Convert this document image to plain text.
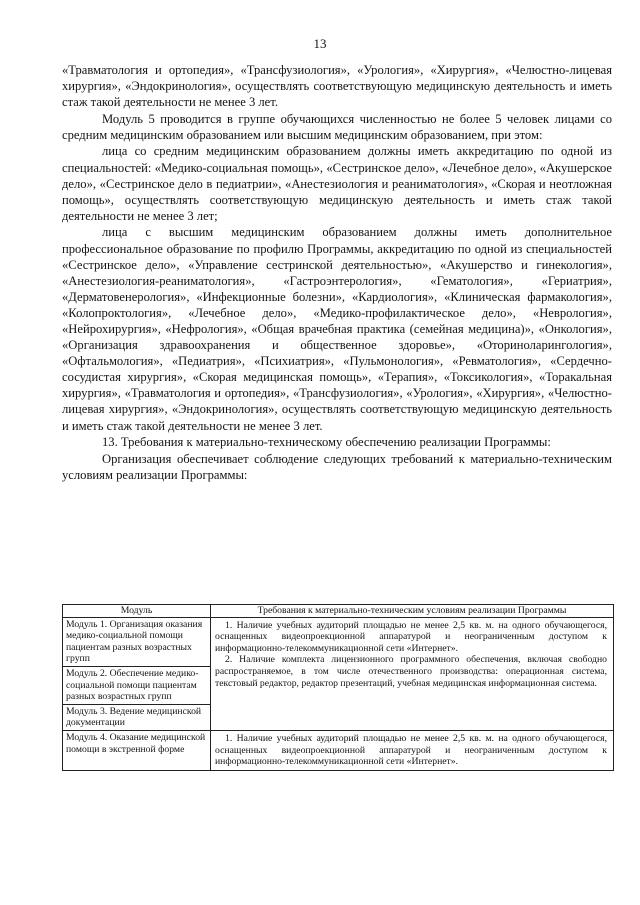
13

«Травматология и ортопедия», «Трансфузиология», «Урология», «Хирургия», «Челюстно-лицевая хирургия», «Эндокринология», осуществлять соответствующую медицинскую деятельность и иметь стаж такой деятельности не менее 3 лет.

Модуль 5 проводится в группе обучающихся численностью не более 5 человек лицами со средним медицинским образованием или высшим медицинским образованием, при этом:

лица со средним медицинским образованием должны иметь аккредитацию по одной из специальностей: «Медико-социальная помощь», «Сестринское дело», «Лечебное дело», «Акушерское дело», «Сестринское дело в педиатрии», «Анестезиология и реаниматология», «Скорая и неотложная помощь», осуществлять соответствующую медицинскую деятельность и иметь стаж такой деятельности не менее 3 лет;

лица с высшим медицинским образованием должны иметь дополнительное профессиональное образование по профилю Программы, аккредитацию по одной из специальностей «Сестринское дело», «Управление сестринской деятельностью», «Акушерство и гинекология», «Анестезиология-реаниматология», «Гастроэнтерология», «Гематология», «Гериатрия», «Дерматовенерология», «Инфекционные болезни», «Кардиология», «Клиническая фармакология», «Колопроктология», «Лечебное дело», «Медико-профилактическое дело», «Неврология», «Нейрохирургия», «Нефрология», «Общая врачебная практика (семейная медицина)», «Онкология», «Организация здравоохранения и общественное здоровье», «Оториноларингология», «Офтальмология», «Педиатрия», «Психиатрия», «Пульмонология», «Ревматология», «Сердечно-сосудистая хирургия», «Скорая медицинская помощь», «Терапия», «Токсикология», «Торакальная хирургия», «Травматология и ортопедия», «Трансфузиология», «Урология», «Хирургия», «Челюстно-лицевая хирургия», «Эндокринология», осуществлять соответствующую медицинскую деятельность и иметь стаж такой деятельности не менее 3 лет.

13. Требования к материально-техническому обеспечению реализации Программы:

Организация обеспечивает соблюдение следующих требований к материально-техническим условиям реализации Программы:

Модуль	Требования к материально-техническим условиям реализации Программы
Модуль 1. Организация оказания медико-социальной помощи пациентам разных возрастных групп	1. Наличие учебных аудиторий площадью не менее 2,5 кв. м. на одного обучающегося, оснащенных видеопроекционной аппаратурой и неограниченным доступом к информационно-телекоммуникационной сети «Интернет».

2. Наличие комплекта лицензионного программного обеспечения, включая свободно распространяемое, в том числе отечественного производства: операционная система, текстовый редактор, редактор презентаций, учебная медицинская информационная система.

Модуль 2. Обеспечение медико-социальной помощи пациентам разных возрастных групп	
Модуль 3. Ведение медицинской документации	
Модуль 4. Оказание медицинской помощи в экстренной форме	1. Наличие учебных аудиторий площадью не менее 2,5 кв. м. на одного обучающегося, оснащенных видеопроекционной аппаратурой и неограниченным доступом к информационно-телекоммуникационной сети «Интернет».
